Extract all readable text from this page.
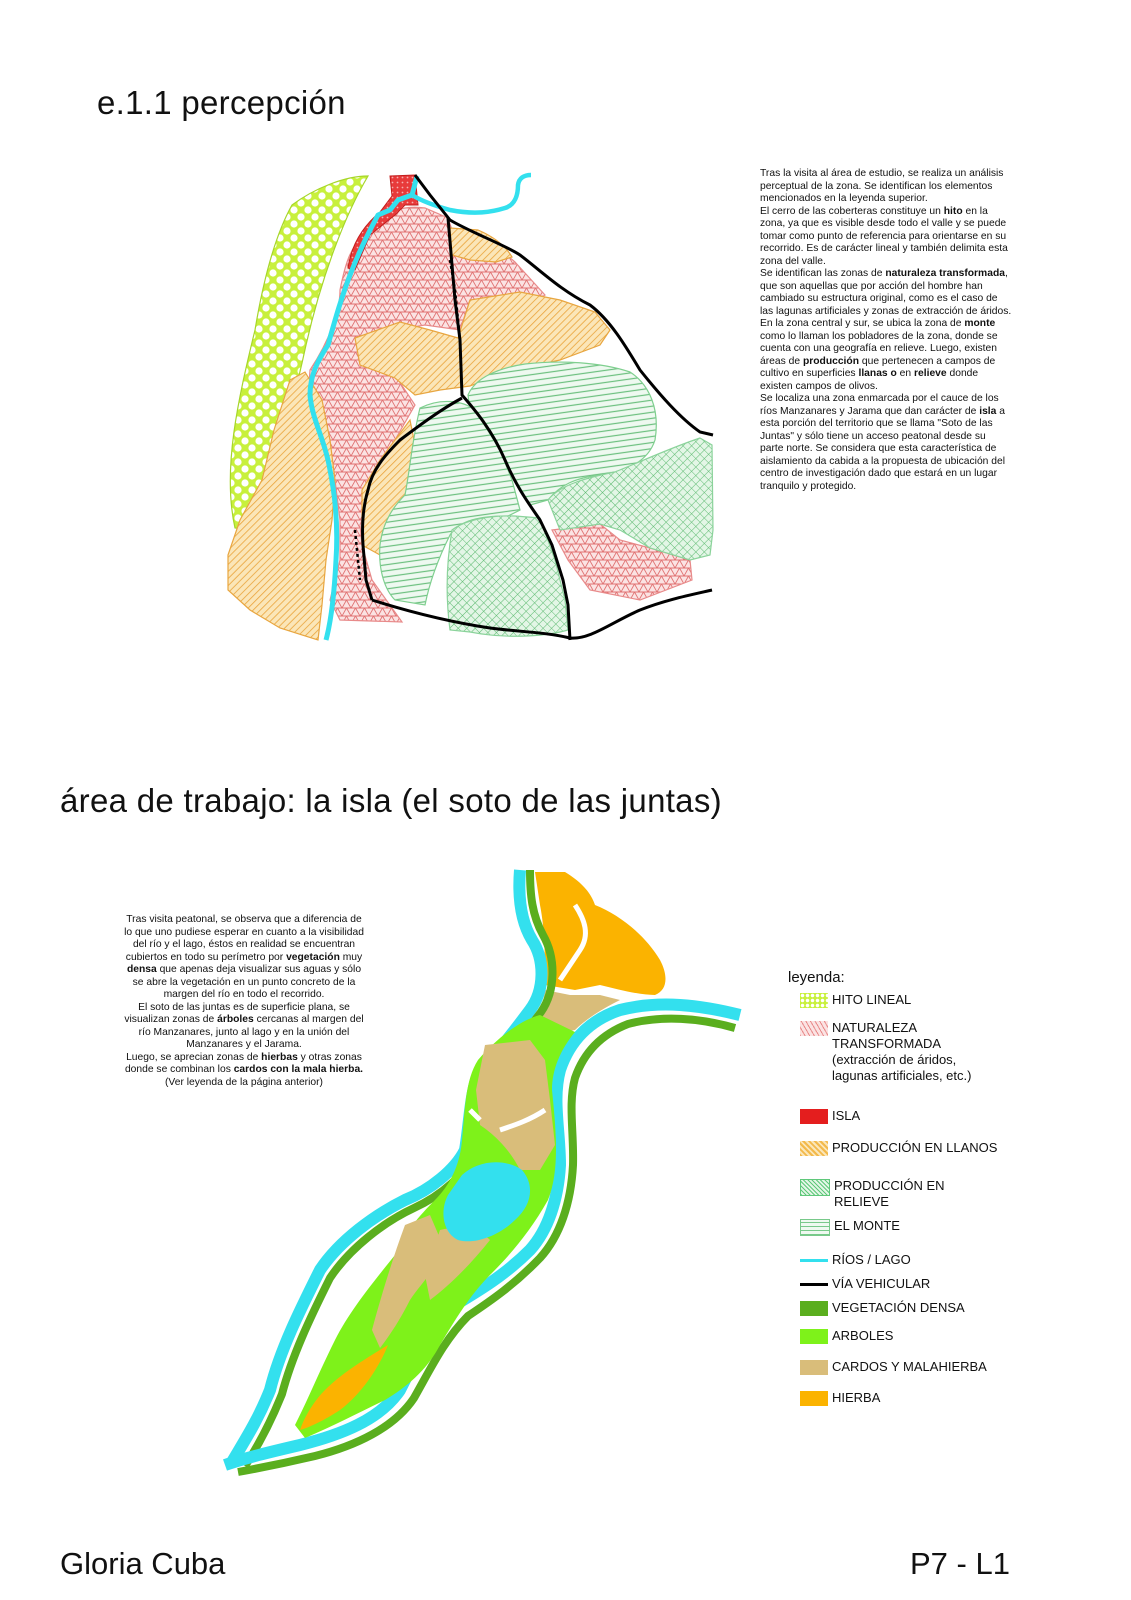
e.1.1 percepción
área de trabajo: la isla (el soto de las juntas)

Tras la visita al área de estudio, se realiza un análisis perceptual de la zona. Se identifican los elementos mencionados en la leyenda superior.

El cerro de las coberteras constituye un hito en la zona, ya que es visible desde todo el valle y se puede tomar como punto de referencia para orientarse en su recorrido. Es de carácter lineal y también delimita esta zona del valle.

Se identifican las zonas de naturaleza transformada, que son aquellas que por acción del hombre han cambiado su estructura original, como es el caso de las lagunas artificiales y zonas de extracción de áridos.

En la zona central y sur, se ubica la zona de monte como lo llaman los pobladores de la zona, donde se cuenta con una geografía en relieve. Luego, existen áreas de producción que pertenecen a campos de cultivo en superficies llanas o en relieve donde existen campos de olivos.

Se localiza una zona enmarcada por el cauce de los ríos Manzanares y Jarama que dan carácter de isla a esta porción del territorio que se llama "Soto de las Juntas" y sólo tiene un acceso peatonal desde su parte norte. Se considera que esta característica de aislamiento da cabida a la propuesta de ubicación del centro de investigación dado que estará en un lugar tranquilo y protegido.

Tras visita peatonal, se observa que a diferencia de lo que uno pudiese esperar en cuanto a la visibilidad del río y el lago, éstos en realidad se encuentran cubiertos en todo su perímetro por vegetación muy densa que apenas deja visualizar sus aguas y sólo se abre la vegetación en un punto concreto de la margen del río en todo el recorrido.

El soto de las juntas es de superficie plana, se visualizan zonas de árboles cercanas al margen del río Manzanares, junto al lago y en la unión del Manzanares y el Jarama.

Luego, se aprecian zonas de hierbas y otras zonas donde se combinan los cardos con la mala hierba.

(Ver leyenda de la página anterior)

leyenda:
HITO LINEAL
NATURALEZA
TRANSFORMADA
(extracción de áridos,
lagunas artificiales, etc.)
ISLA
PRODUCCIÓN EN LLANOS
PRODUCCIÓN EN
RELIEVE
EL MONTE
RÍOS / LAGO
VÍA VEHICULAR
VEGETACIÓN DENSA
ARBOLES
CARDOS Y MALAHIERBA
HIERBA
Gloria Cuba	P7 - L1
